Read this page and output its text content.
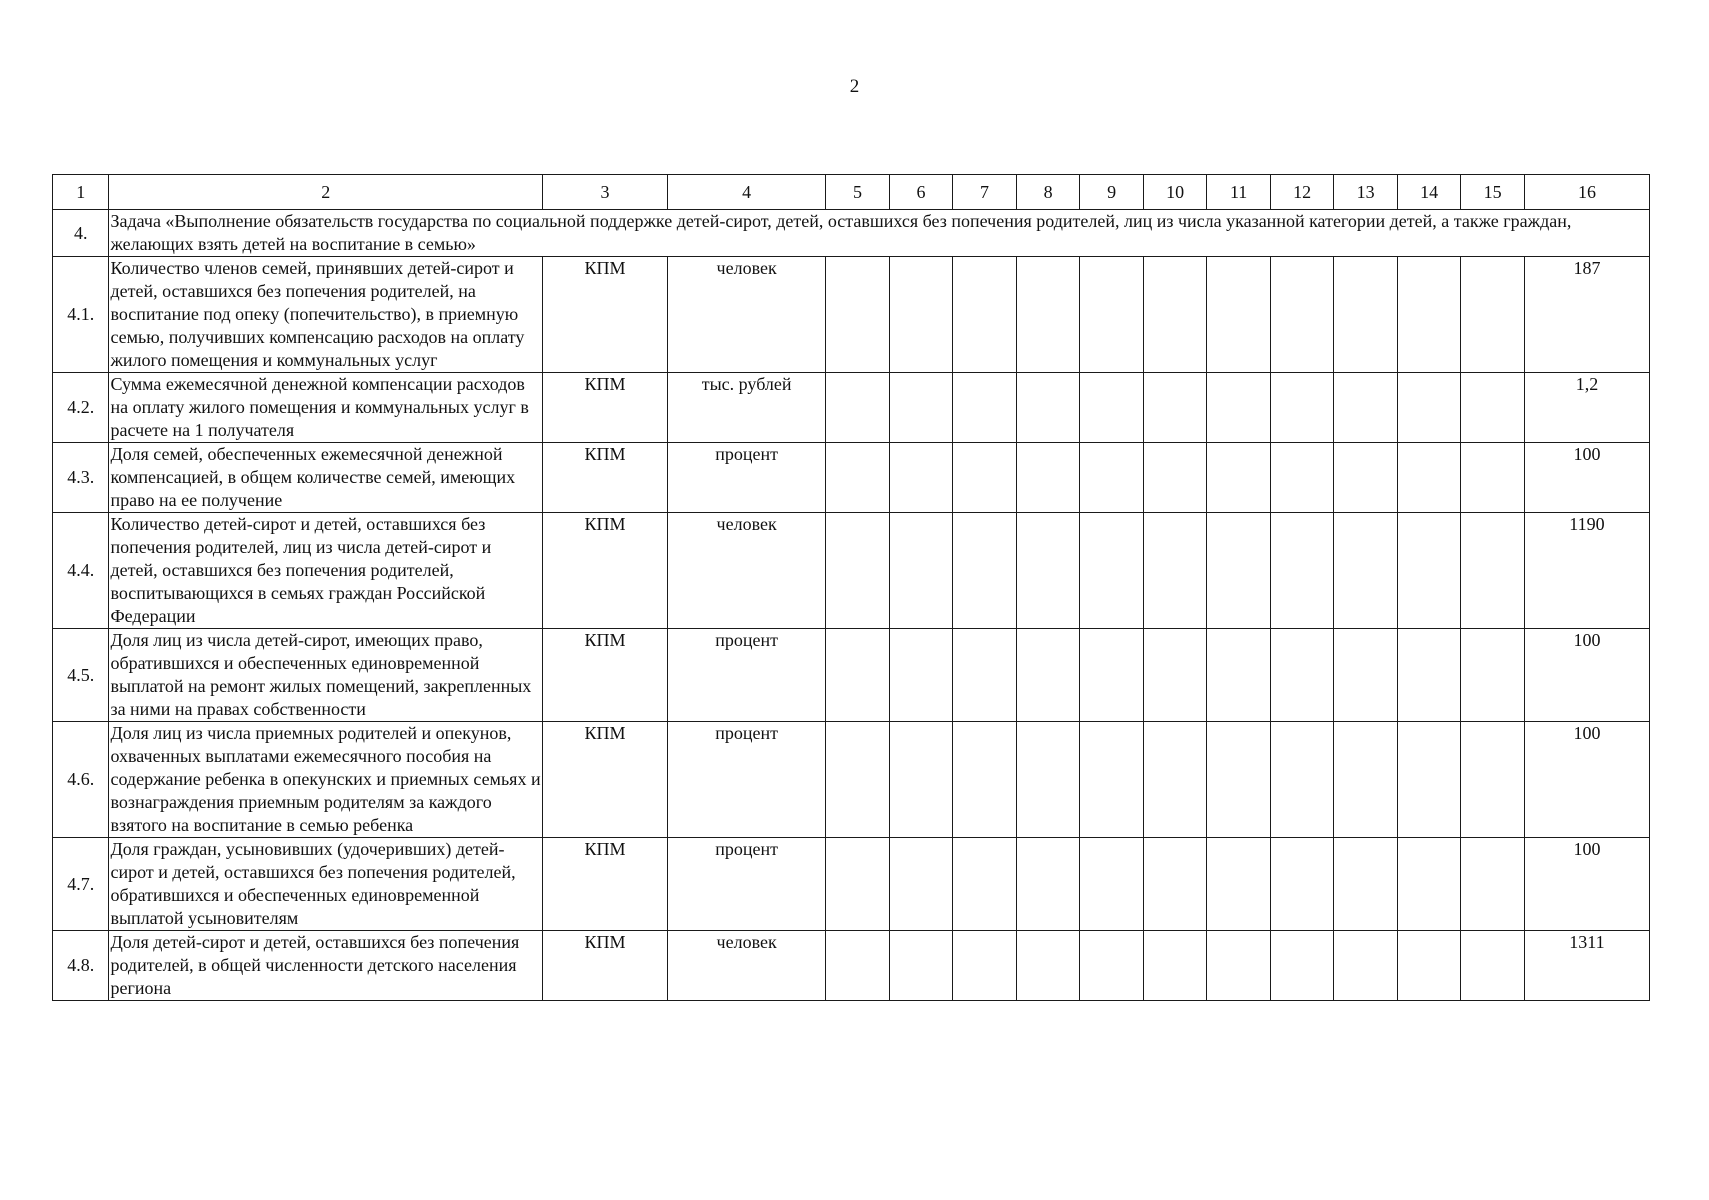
2
1	2	3	4	5	6	7	8	9	10	11	12	13	14	15	16
4.	Задача «Выполнение обязательств государства по социальной поддержке детей-сирот, детей, оставшихся без попечения родителей, лиц из числа указанной категории детей, а также граждан, желающих взять детей на воспитание в семью»														
4.1.	Количество членов семей, принявших детей-сирот и детей, оставшихся без попечения родителей, на воспитание под опеку (попечительство), в приемную семью, получивших компенсацию расходов на оплату жилого помещения и коммунальных услуг	КПМ	человек												187
4.2.	Сумма ежемесячной денежной компенсации расходов на оплату жилого помещения и коммунальных услуг в расчете на 1 получателя	КПМ	тыс. рублей												1,2
4.3.	Доля семей, обеспеченных ежемесячной денежной компенсацией, в общем количестве семей, имеющих право на ее получение	КПМ	процент												100
4.4.	Количество детей-сирот и детей, оставшихся без попечения родителей, лиц из числа детей-сирот и детей, оставшихся без попечения родителей, воспитывающихся в семьях граждан Российской Федерации	КПМ	человек												1190
4.5.	Доля лиц из числа детей-сирот, имеющих право, обратившихся и обеспеченных единовременной выплатой на ремонт жилых помещений, закрепленных за ними на правах собственности	КПМ	процент												100
4.6.	Доля лиц из числа приемных родителей и опекунов, охваченных выплатами ежемесячного пособия на содержание ребенка в опекунских и приемных семьях и вознаграждения приемным родителям за каждого взятого на воспитание в семью ребенка	КПМ	процент												100
4.7.	Доля граждан, усыновивших (удочеривших) детей-сирот и детей, оставшихся без попечения родителей, обратившихся и обеспеченных единовременной выплатой усыновителям	КПМ	процент												100
4.8.	Доля детей-сирот и детей, оставшихся без попечения родителей, в общей численности детского населения региона	КПМ	человек												1311
